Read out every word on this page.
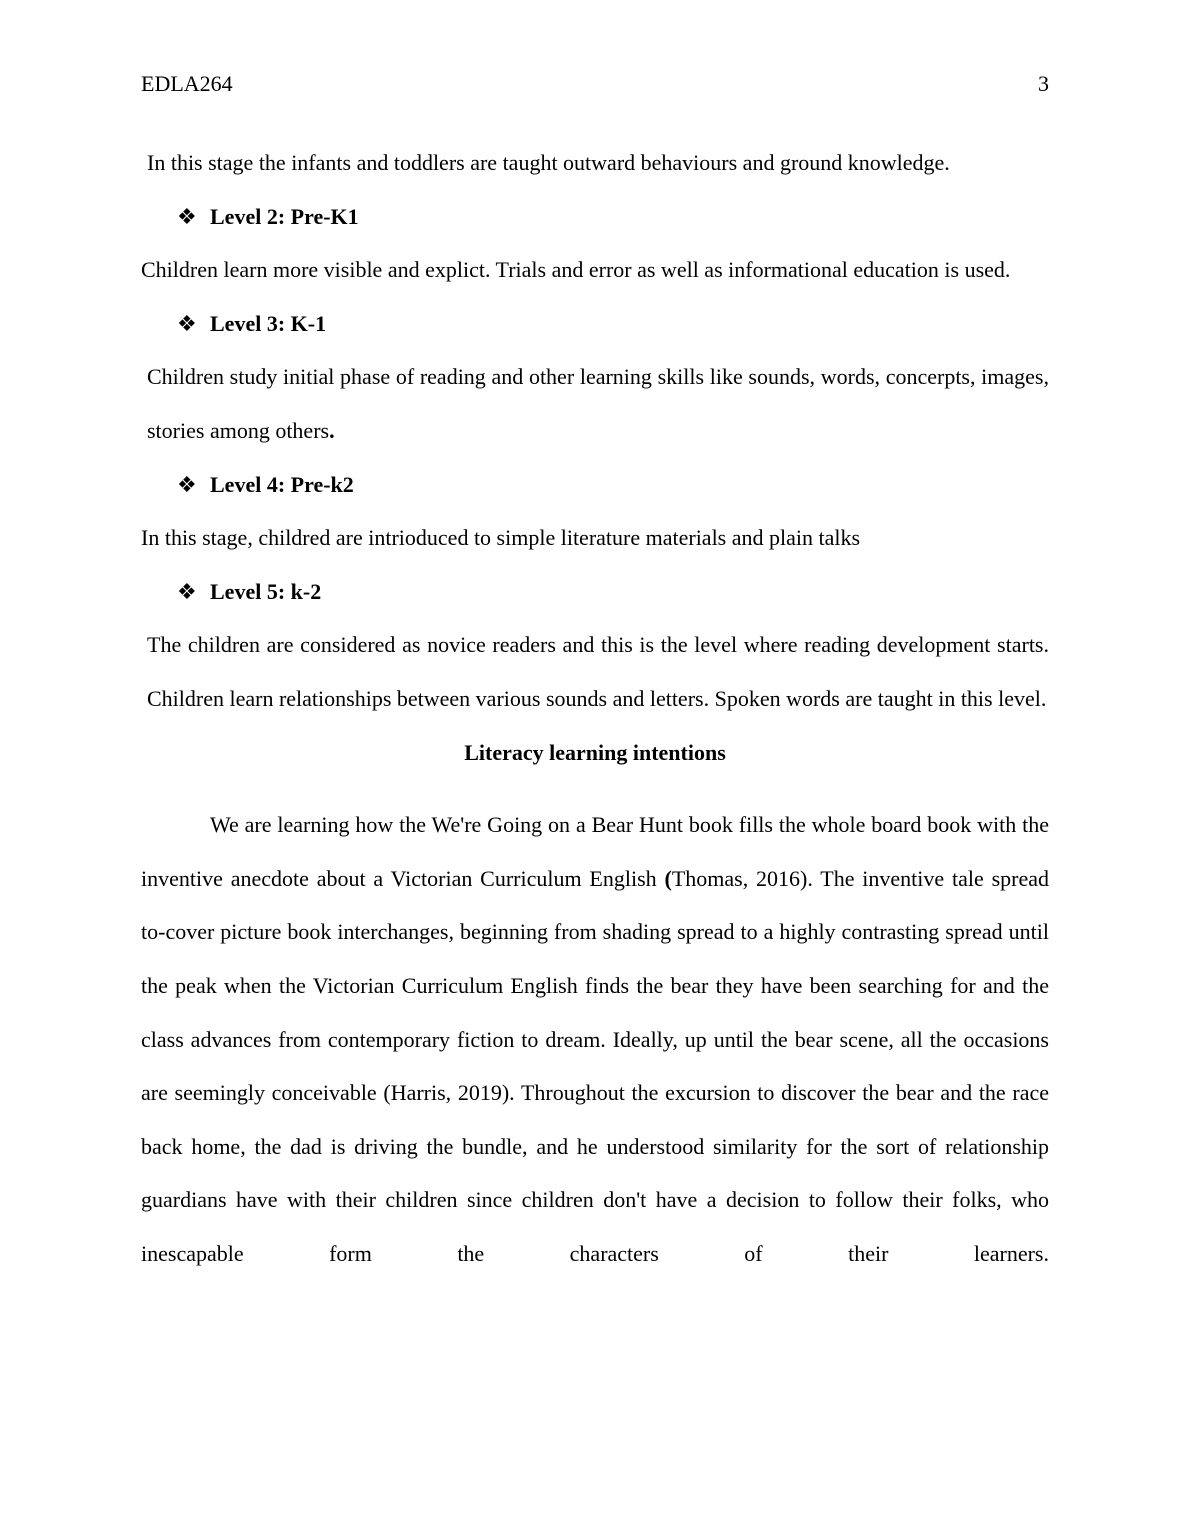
EDLA264	3

In this stage the infants and toddlers are taught outward behaviours and ground knowledge.

❖ Level 2: Pre-K1

Children learn more visible and explict. Trials and error as well as informational education is used.

❖ Level 3: K-1

Children study initial phase of reading and other learning skills like sounds, words, concerpts, images, stories among others.

❖ Level 4: Pre-k2

In this stage, childred are intrioduced to simple literature materials and plain talks

❖ Level 5: k-2

The children are considered as novice readers and this is the level where reading development starts. Children learn relationships between various sounds and letters. Spoken words are taught in this level.

Literacy learning intentions

We are learning how the We're Going on a Bear Hunt book fills the whole board book with the inventive anecdote about a Victorian Curriculum English (Thomas, 2016). The inventive tale spread to-cover picture book interchanges, beginning from shading spread to a highly contrasting spread until the peak when the Victorian Curriculum English finds the bear they have been searching for and the class advances from contemporary fiction to dream. Ideally, up until the bear scene, all the occasions are seemingly conceivable (Harris, 2019). Throughout the excursion to discover the bear and the race back home, the dad is driving the bundle, and he understood similarity for the sort of relationship guardians have with their children since children don't have a decision to follow their folks, who inescapable form the characters of their learners.
